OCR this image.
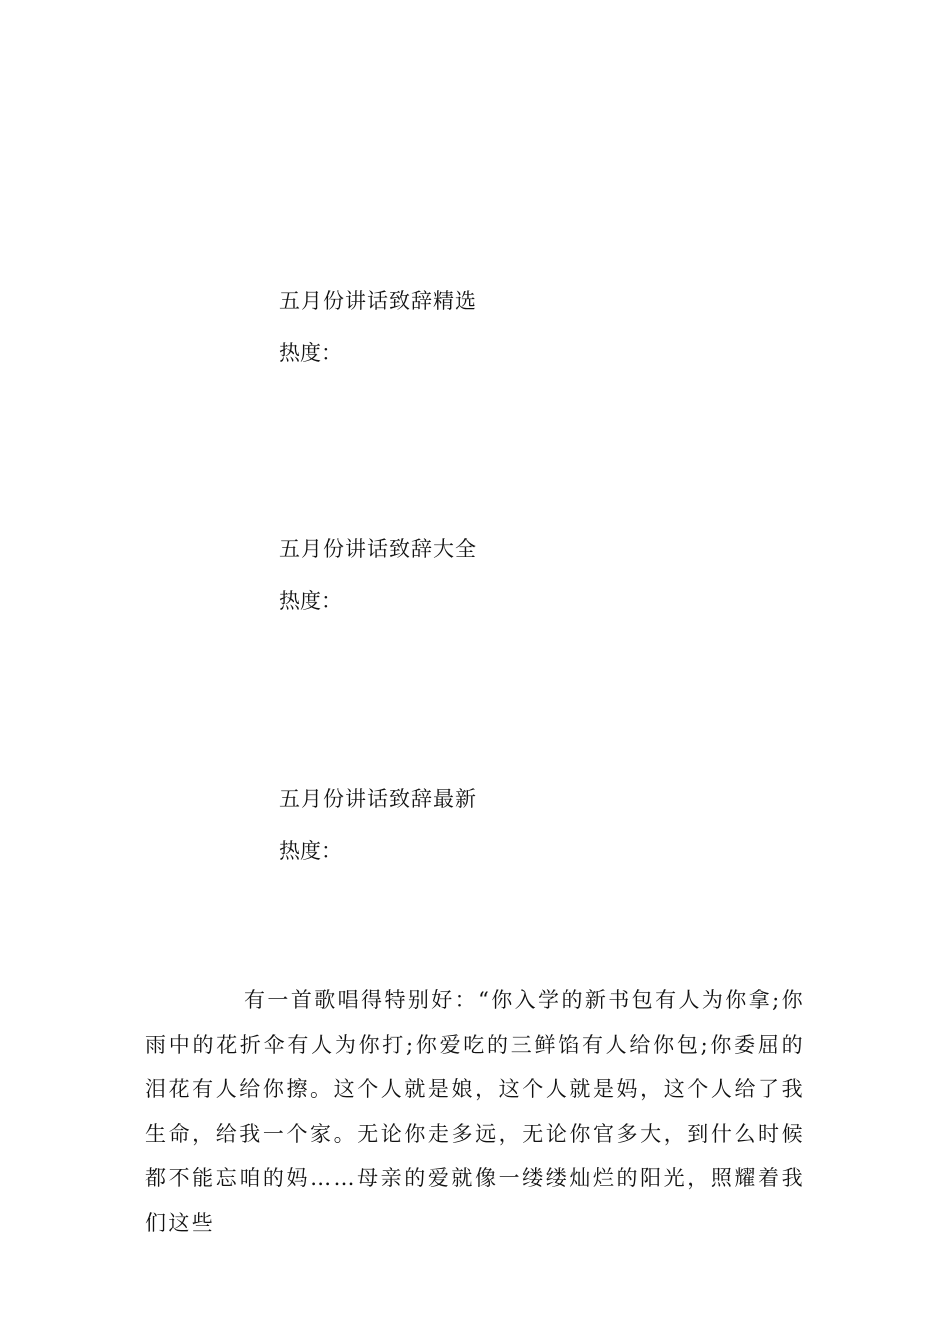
五月份讲话致辞精选

热度：

五月份讲话致辞大全

热度：

五月份讲话致辞最新

热度：

有一首歌唱得特别好：“你入学的新书包有人为你拿;你雨中的花折伞有人为你打;你爱吃的三鲜馅有人给你包;你委屈的泪花有人给你擦。这个人就是娘，这个人就是妈，这个人给了我生命，给我一个家。无论你走多远，无论你官多大，到什么时候都不能忘咱的妈……母亲的爱就像一缕缕灿烂的阳光，照耀着我们这些
